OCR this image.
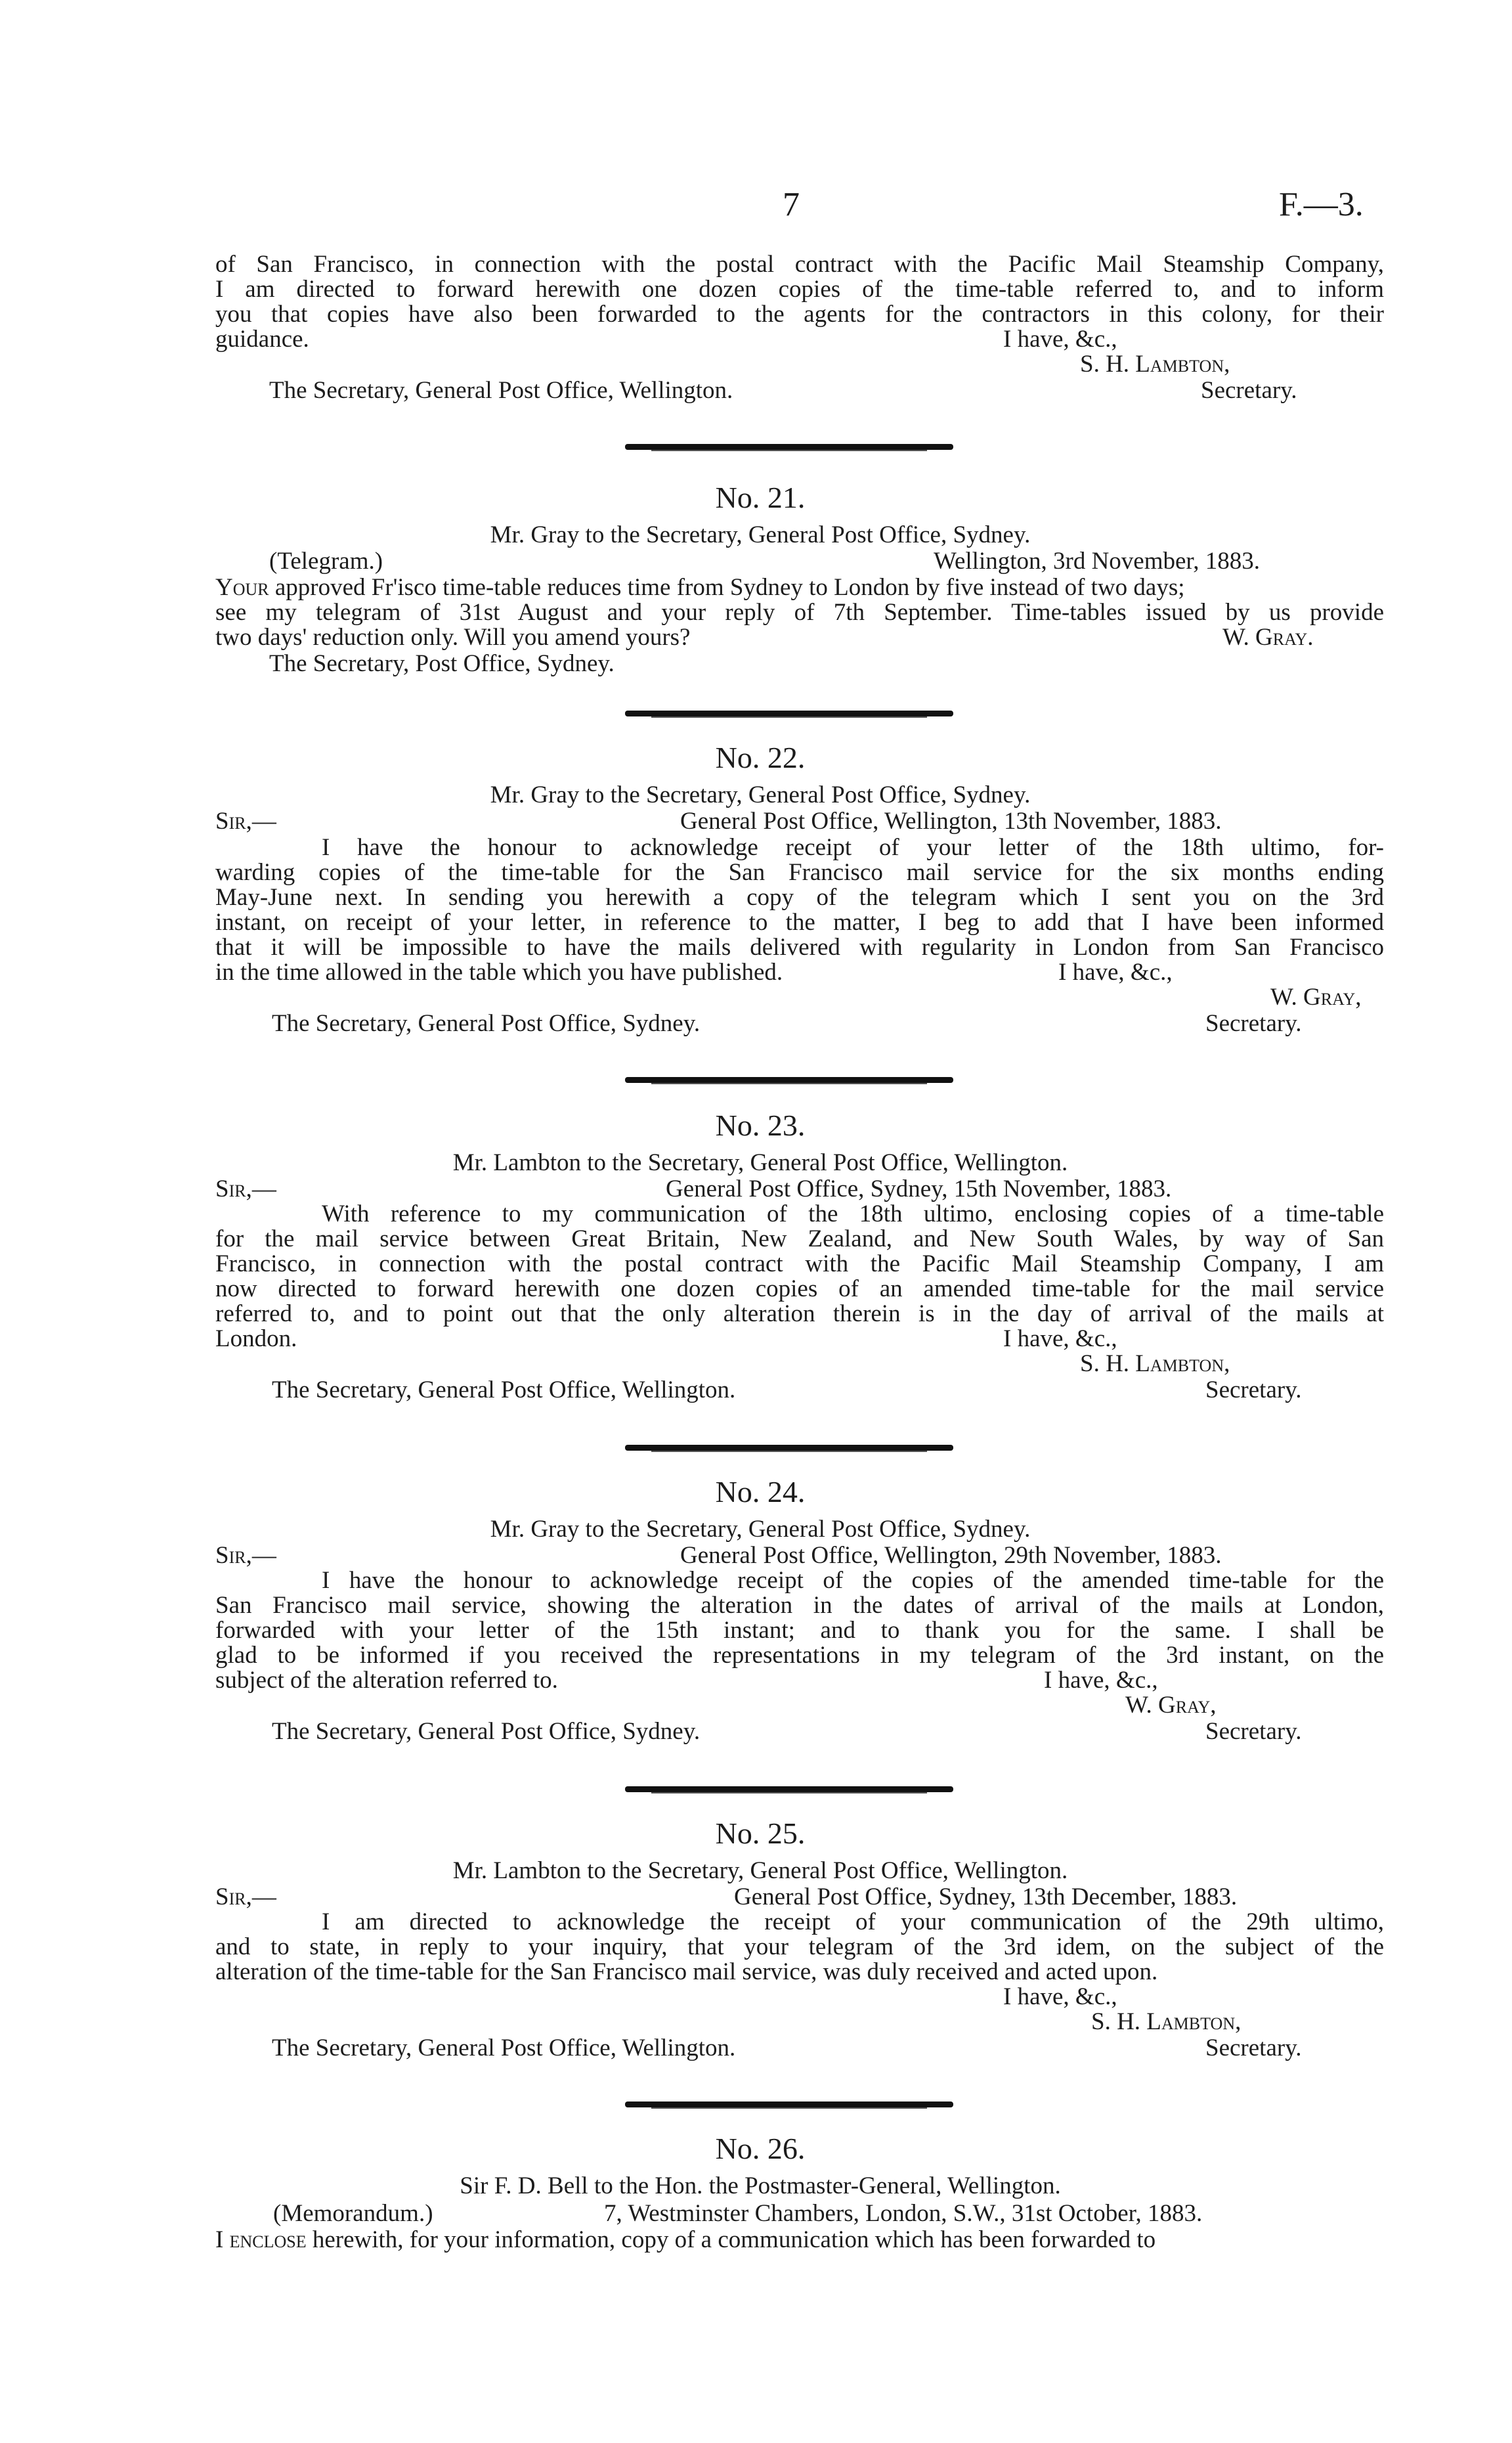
7	F.—3.
of San Francisco, in connection with the postal contract with the Pacific Mail Steamship Company,
I am directed to forward herewith one dozen copies of the time-table referred to, and to inform
you that copies have also been forwarded to the agents for the contractors in this colony, for their
guidance.	I have, &c.,
S. H. Lambton,
The Secretary, General Post Office, Wellington.	Secretary.
No. 21.
Mr. Gray to the Secretary, General Post Office, Sydney.
(Telegram.)	Wellington, 3rd November, 1883.
Your approved Fr'isco time-table reduces time from Sydney to London by five instead of two days;
see my telegram of 31st August and your reply of 7th September. Time-tables issued by us provide
two days' reduction only. Will you amend yours?	W. Gray.
The Secretary, Post Office, Sydney.
No. 22.
Mr. Gray to the Secretary, General Post Office, Sydney.
Sir,—	General Post Office, Wellington, 13th November, 1883.
I have the honour to acknowledge receipt of your letter of the 18th ultimo, for-
warding copies of the time-table for the San Francisco mail service for the six months ending
May-June next. In sending you herewith a copy of the telegram which I sent you on the 3rd
instant, on receipt of your letter, in reference to the matter, I beg to add that I have been informed
that it will be impossible to have the mails delivered with regularity in London from San Francisco
in the time allowed in the table which you have published.	I have, &c.,
W. Gray,
The Secretary, General Post Office, Sydney.	Secretary.
No. 23.
Mr. Lambton to the Secretary, General Post Office, Wellington.
Sir,—	General Post Office, Sydney, 15th November, 1883.
With reference to my communication of the 18th ultimo, enclosing copies of a time-table
for the mail service between Great Britain, New Zealand, and New South Wales, by way of San
Francisco, in connection with the postal contract with the Pacific Mail Steamship Company, I am
now directed to forward herewith one dozen copies of an amended time-table for the mail service
referred to, and to point out that the only alteration therein is in the day of arrival of the mails at
London.	I have, &c.,
S. H. Lambton,
The Secretary, General Post Office, Wellington.	Secretary.
No. 24.
Mr. Gray to the Secretary, General Post Office, Sydney.
Sir,—	General Post Office, Wellington, 29th November, 1883.
I have the honour to acknowledge receipt of the copies of the amended time-table for the
San Francisco mail service, showing the alteration in the dates of arrival of the mails at London,
forwarded with your letter of the 15th instant; and to thank you for the same. I shall be
glad to be informed if you received the representations in my telegram of the 3rd instant, on the
subject of the alteration referred to.	I have, &c.,
W. Gray,
The Secretary, General Post Office, Sydney.	Secretary.
No. 25.
Mr. Lambton to the Secretary, General Post Office, Wellington.
Sir,—	General Post Office, Sydney, 13th December, 1883.
I am directed to acknowledge the receipt of your communication of the 29th ultimo,
and to state, in reply to your inquiry, that your telegram of the 3rd idem, on the subject of the
alteration of the time-table for the San Francisco mail service, was duly received and acted upon.
I have, &c.,
S. H. Lambton,
The Secretary, General Post Office, Wellington.	Secretary.
No. 26.
Sir F. D. Bell to the Hon. the Postmaster-General, Wellington.
(Memorandum.)	7, Westminster Chambers, London, S.W., 31st October, 1883.
I enclose herewith, for your information, copy of a communication which has been forwarded to
